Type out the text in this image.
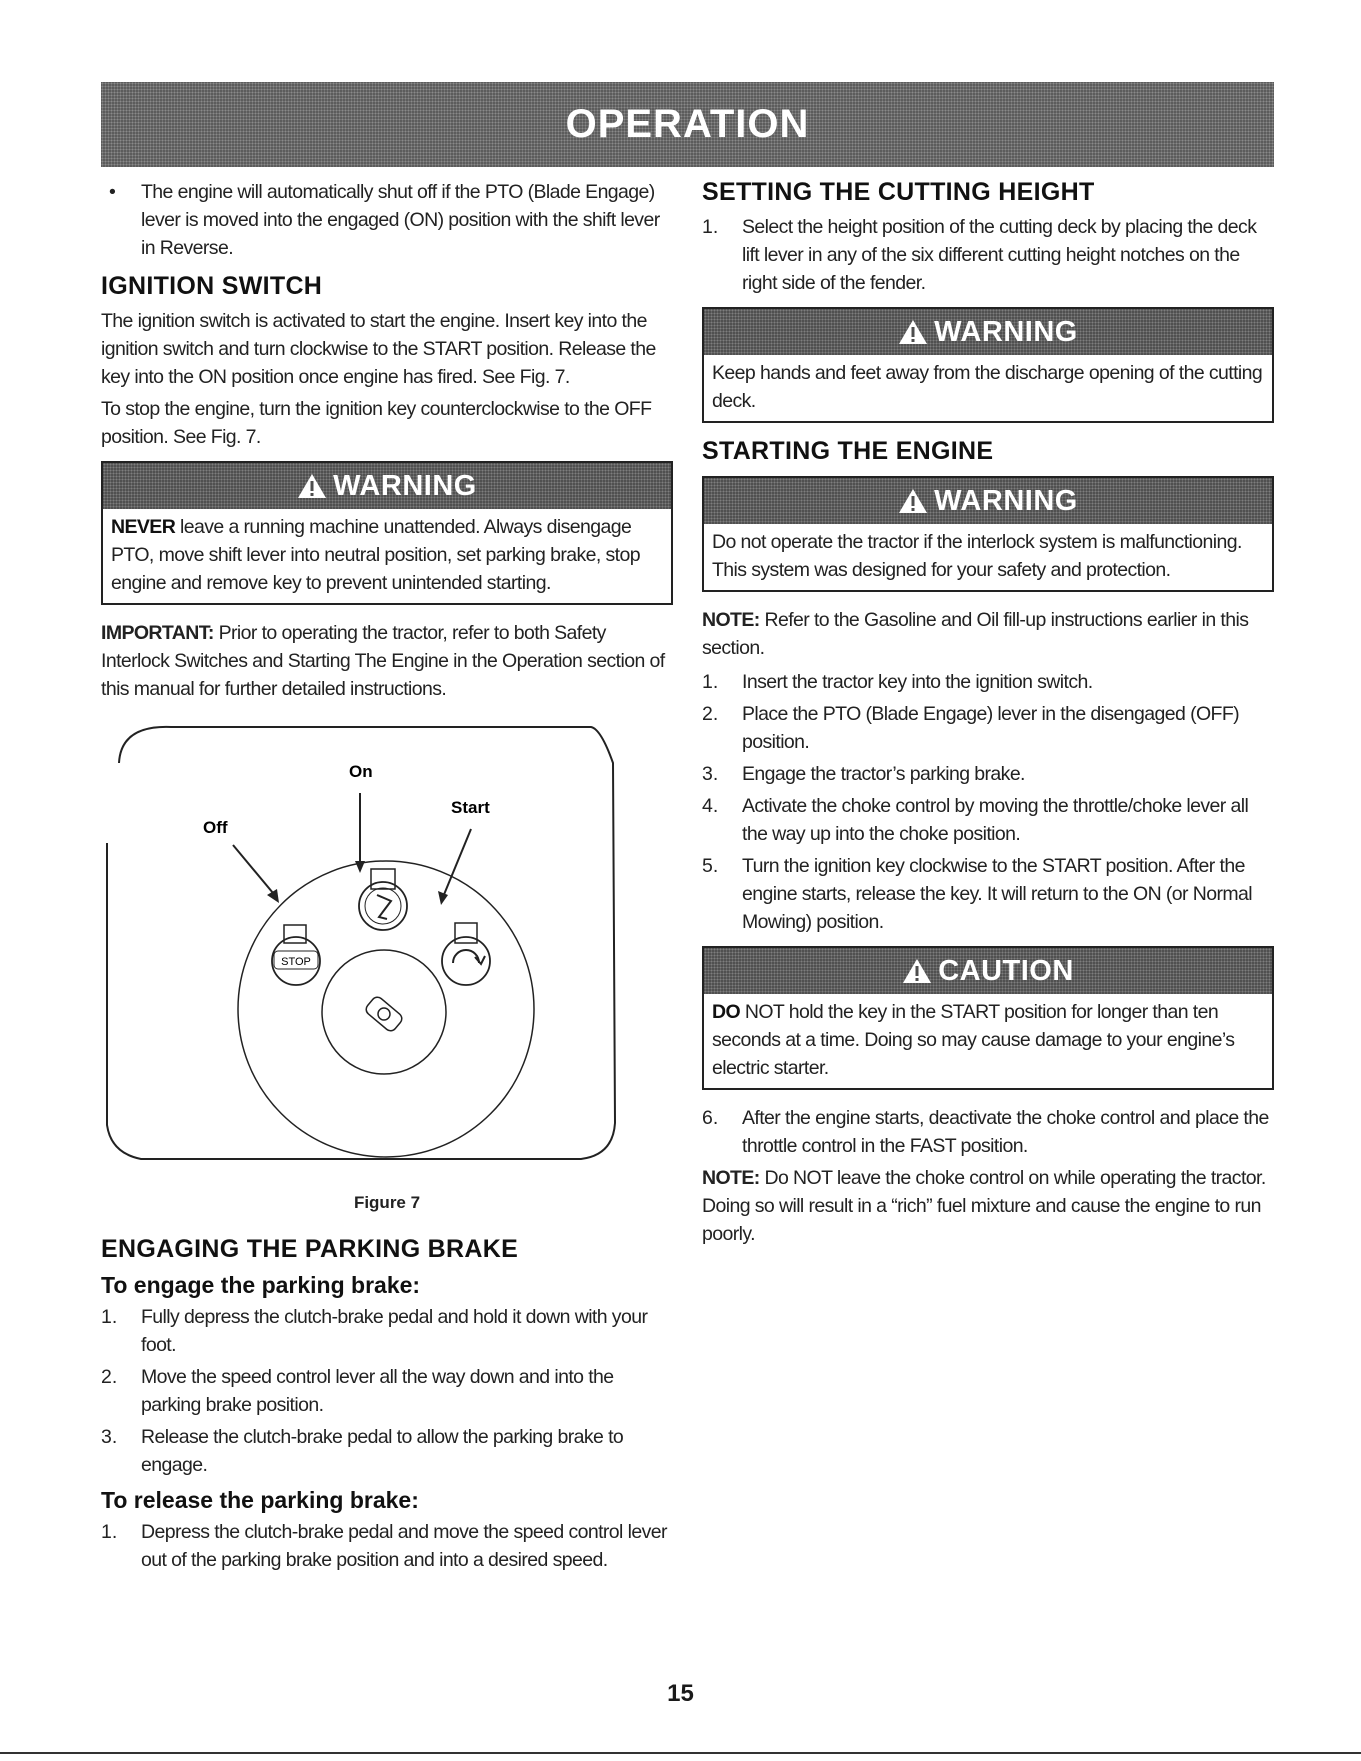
OPERATION

• The engine will automatically shut off if the PTO (Blade Engage) lever is moved into the engaged (ON) position with the shift lever in Reverse.

IGNITION SWITCH

The ignition switch is activated to start the engine. Insert key into the ignition switch and turn clockwise to the START position. Release the key into the ON position once engine has fired. See Fig. 7.

To stop the engine, turn the ignition key counterclockwise to the OFF position. See Fig. 7.

WARNING

NEVER leave a running machine unattended. Always disengage PTO, move shift lever into neutral position, set parking brake, stop engine and remove key to prevent unintended starting.

IMPORTANT: Prior to operating the tractor, refer to both Safety Interlock Switches and Starting The Engine in the Operation section of this manual for further detailed instructions.

STOP
On
Start
Off

Figure 7

ENGAGING THE PARKING BRAKE
To engage the parking brake:
1. Fully depress the clutch-brake pedal and hold it down with your foot.
2. Move the speed control lever all the way down and into the parking brake position.
3. Release the clutch-brake pedal to allow the parking brake to engage.
To release the parking brake:
1. Depress the clutch-brake pedal and move the speed control lever out of the parking brake position and into a desired speed.
SETTING THE CUTTING HEIGHT
1. Select the height position of the cutting deck by placing the deck lift lever in any of the six different cutting height notches on the right side of the fender.
WARNING

Keep hands and feet away from the discharge opening of the cutting deck.

STARTING THE ENGINE
WARNING

Do not operate the tractor if the interlock system is malfunctioning. This system was designed for your safety and protection.

NOTE: Refer to the Gasoline and Oil fill-up instructions earlier in this section.

1. Insert the tractor key into the ignition switch.
2. Place the PTO (Blade Engage) lever in the disengaged (OFF) position.
3. Engage the tractor’s parking brake.
4. Activate the choke control by moving the throttle/choke lever all the way up into the choke position.
5. Turn the ignition key clockwise to the START position. After the engine starts, release the key. It will return to the ON (or Normal Mowing) position.
CAUTION

DO NOT hold the key in the START position for longer than ten seconds at a time. Doing so may cause damage to your engine’s electric starter.

6. After the engine starts, deactivate the choke control and place the throttle control in the FAST position.

NOTE: Do NOT leave the choke control on while operating the tractor. Doing so will result in a “rich” fuel mixture and cause the engine to run poorly.

15
